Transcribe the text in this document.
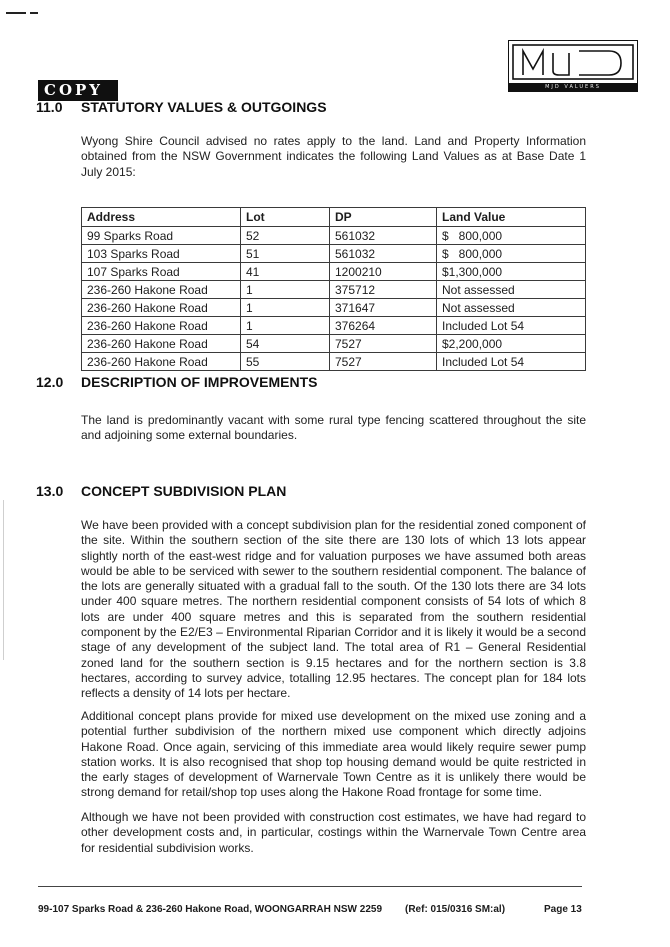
MJD VALUERS
COPY
11.0 STATUTORY VALUES & OUTGOINGS

Wyong Shire Council advised no rates apply to the land. Land and Property Information obtained from the NSW Government indicates the following Land Values as at Base Date 1 July 2015:

Address	Lot	DP	Land Value
99 Sparks Road	52	561032	$   800,000
103 Sparks Road	51	561032	$   800,000
107 Sparks Road	41	1200210	$1,300,000
236-260 Hakone Road	1	375712	Not assessed
236-260 Hakone Road	1	371647	Not assessed
236-260 Hakone Road	1	376264	Included Lot 54
236-260 Hakone Road	54	7527	$2,200,000
236-260 Hakone Road	55	7527	Included Lot 54
12.0 DESCRIPTION OF IMPROVEMENTS

The land is predominantly vacant with some rural type fencing scattered throughout the site and adjoining some external boundaries.

13.0 CONCEPT SUBDIVISION PLAN

We have been provided with a concept subdivision plan for the residential zoned component of the site. Within the southern section of the site there are 130 lots of which 13 lots appear slightly north of the east-west ridge and for valuation purposes we have assumed both areas would be able to be serviced with sewer to the southern residential component. The balance of the lots are generally situated with a gradual fall to the south. Of the 130 lots there are 34 lots under 400 square metres. The northern residential component consists of 54 lots of which 8 lots are under 400 square metres and this is separated from the southern residential component by the E2/E3 – Environmental Riparian Corridor and it is likely it would be a second stage of any development of the subject land. The total area of R1 – General Residential zoned land for the southern section is 9.15 hectares and for the northern section is 3.8 hectares, according to survey advice, totalling 12.95 hectares. The concept plan for 184 lots reflects a density of 14 lots per hectare.

Additional concept plans provide for mixed use development on the mixed use zoning and a potential further subdivision of the northern mixed use component which directly adjoins Hakone Road. Once again, servicing of this immediate area would likely require sewer pump station works. It is also recognised that shop top housing demand would be quite restricted in the early stages of development of Warnervale Town Centre as it is unlikely there would be strong demand for retail/shop top uses along the Hakone Road frontage for some time.

Although we have not been provided with construction cost estimates, we have had regard to other development costs and, in particular, costings within the Warnervale Town Centre area for residential subdivision works.

99-107 Sparks Road & 236-260 Hakone Road, WOONGARRAH NSW 2259 (Ref: 015/0316 SM:al)	Page 13
